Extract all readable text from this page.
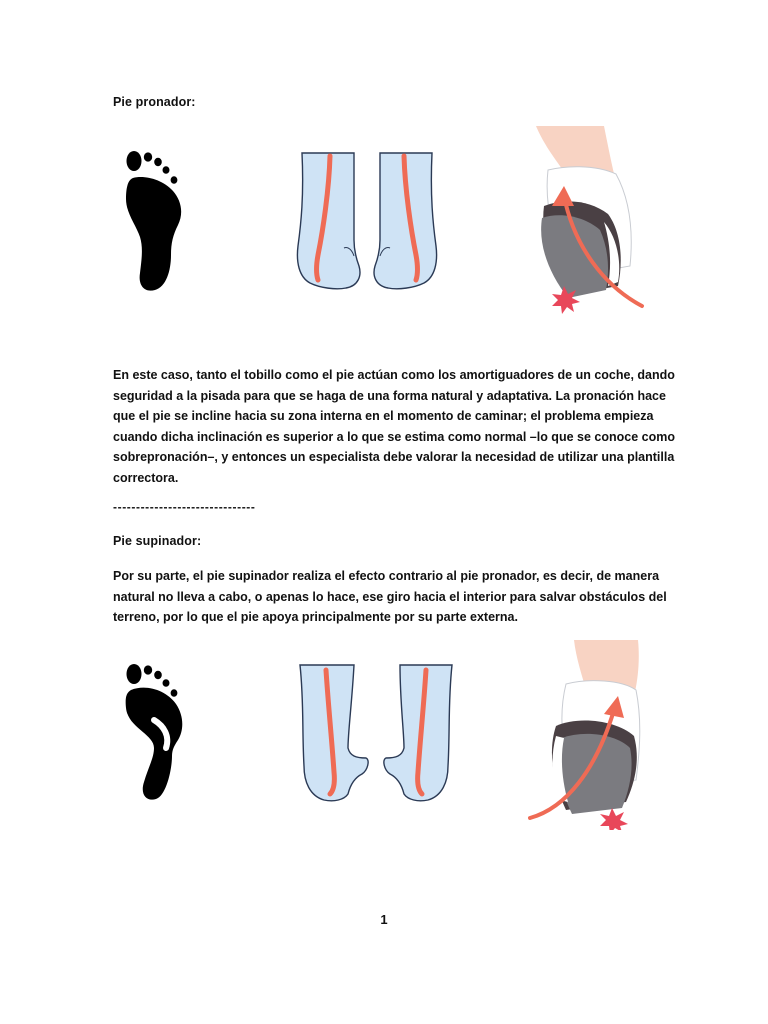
Pie pronador:
En este caso, tanto el tobillo como el pie actúan como los amortiguadores de un coche, dando
seguridad a la pisada para que se haga de una forma natural y adaptativa. La pronación hace
que el pie se incline hacia su zona interna en el momento de caminar; el problema empieza
cuando dicha inclinación es superior a lo que se estima como normal –lo que se conoce como
sobrepronación–, y entonces un especialista debe valorar la necesidad de utilizar una plantilla
correctora.
-------------------------------
Pie supinador:
Por su parte, el pie supinador realiza el efecto contrario al pie pronador, es decir, de manera
natural no lleva a cabo, o apenas lo hace, ese giro hacia el interior para salvar obstáculos del
terreno, por lo que el pie apoya principalmente por su parte externa.
1
